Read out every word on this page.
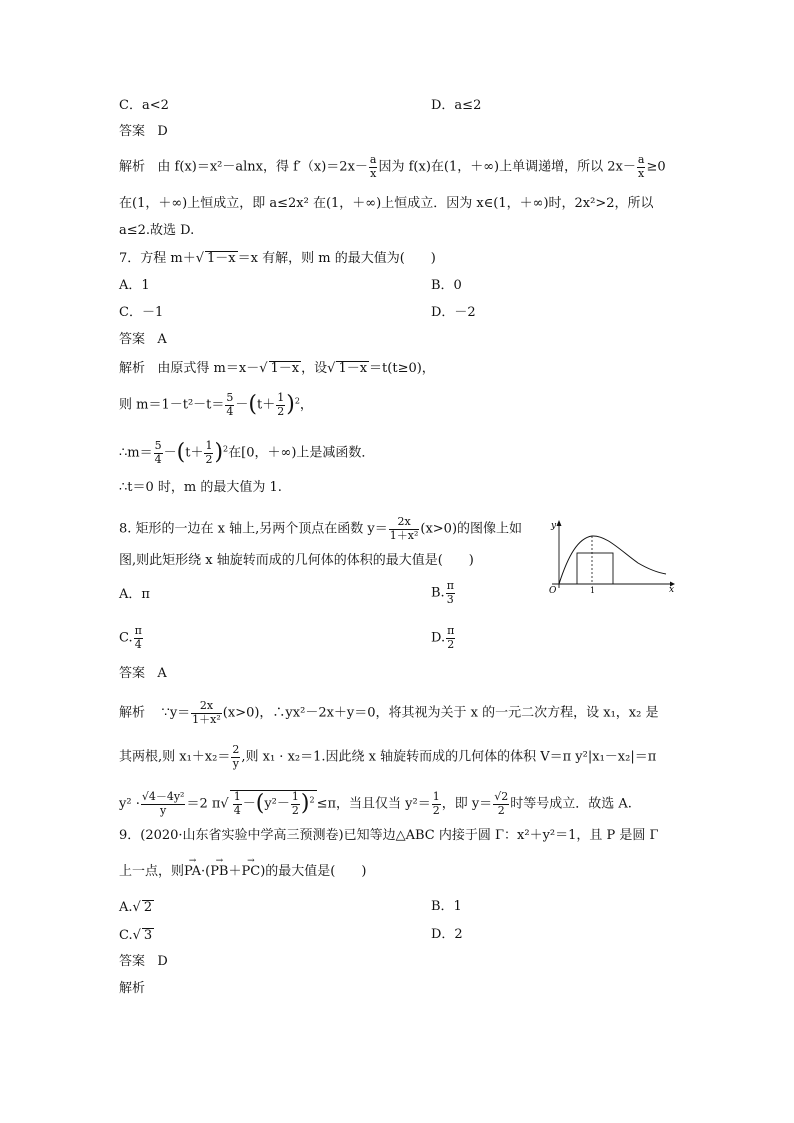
C．a<2	D．a≤2
答案 D
解析 由 f(x)＝x²－alnx，得 $f'(x)=2x- \frac{a}{x}$ 因为 f(x)在(1，＋∞)上单调递增，所以 $2x- \frac{a}{x} \ge 0$
在(1，＋∞)上恒成立，即 a≤2x² 在(1，＋∞)上恒成立．因为 x∈(1，＋∞)时，2x²>2，所以
a≤2.故选 D.
7．方程 m＋√ 1－x ＝x 有解，则 m 的最大值为(　　)
A．1	B．0
C．－1	D．－2
答案 A
解析 由原式得 m＝x－√ 1－x ，设√ 1－x ＝t(t≥0)，
则 $m=1-t^2-t= \frac{5}{4} -(t+ \frac{1}{2} )^2$，
∴m＝ $\frac{5}{4} -(t+ \frac{1}{2} )^2$在[0，＋∞)上是减函数．
∴t＝0 时，m 的最大值为 1.
8. 矩形的一边在 x 轴上,另两个顶点在函数 $y= \frac{2x}{\text{1＋x²}} (x>0)$的图像上如
图,则此矩形绕 x 轴旋转而成的几何体的体积的最大值是(　　)
A．π	B. $\frac{\pi}{3}$
C. $\frac{\pi}{4}$	D. $\frac{\pi}{2}$
y
x
O	1
答案 A
解析 ∵y＝ $\frac{2x}{\text{1＋x²}} (x>0)$，∴yx²－2x＋y＝0，将其视为关于 x 的一元二次方程，设 x₁，x₂ 是
其两根,则 $x_1+x_2= \frac{2}{y}$ ,则 x₁ · x₂＝1.因此绕 x 轴旋转而成的几何体的体积 V＝π y²|x₁－x₂|＝π
$y^2 \cdot \frac{\text{√4－4y²}}{y} =2$ $\pi√ \frac{1}{4} -(y^2- \frac{1}{2} )^2 \le\pi$，当且仅当 $y^2= \frac{1}{2}$ ，即 $y= \frac{√2}{2}$ 时等号成立．故选 A.
9．(2020·山东省实验中学高三预测卷)已知等边△ABC 内接于圆 Γ：x²＋y²＝1，且 P 是圆 Γ
上一点，则→ PA·(→ PB＋→ PC)的最大值是(　　)
A.√ 2	B．1
C.√ 3	D．2
答案 D
解析
